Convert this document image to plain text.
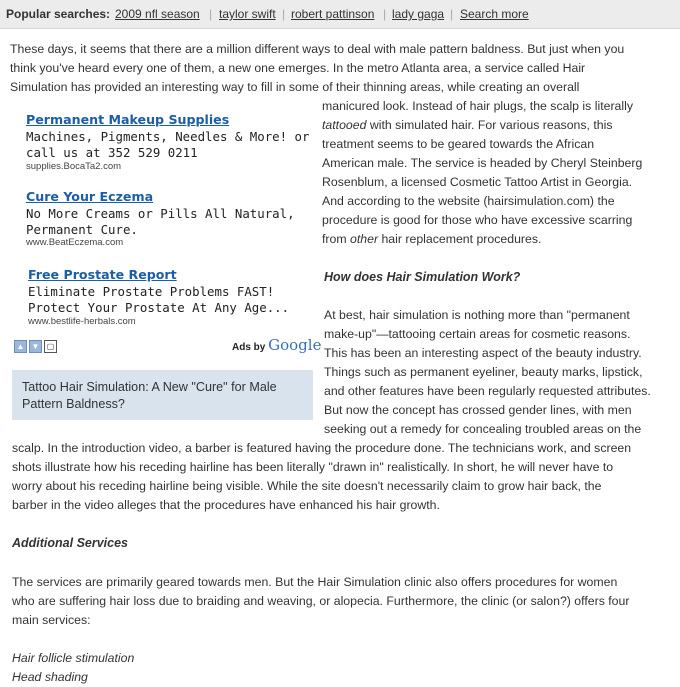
Popular searches: 2009 nfl season | taylor swift | robert pattinson | lady gaga | Search more
These days, it seems that there are a million different ways to deal with male pattern baldness. But just when you
think you've heard every one of them, a new one emerges. In the metro Atlanta area, a service called Hair
Simulation has provided an interesting way to fill in some of their thinning areas, while creating an overall
manicured look. Instead of hair plugs, the scalp is literally
tattooed with simulated hair. For various reasons, this
treatment seems to be geared towards the African
American male. The service is headed by Cheryl Steinberg
Rosenblum, a licensed Cosmetic Tattoo Artist in Georgia.
And according to the website (hairsimulation.com) the
procedure is good for those who have excessive scarring
from other hair replacement procedures.
How does Hair Simulation Work?
At best, hair simulation is nothing more than "permanent
make-up"—tattooing certain areas for cosmetic reasons.
This has been an interesting aspect of the beauty industry.
Things such as permanent eyeliner, beauty marks, lipstick,
and other features have been regularly requested attributes.
But now the concept has crossed gender lines, with men
seeking out a remedy for concealing troubled areas on the
scalp. In the introduction video, a barber is featured having the procedure done. The technicians work, and screen
shots illustrate how his receding hairline has been literally "drawn in" realistically. In short, he will never have to
worry about his receding hairline being visible. While the site doesn't necessarily claim to grow hair back, the
barber in the video alleges that the procedures have enhanced his hair growth.
Additional Services
The services are primarily geared towards men. But the Hair Simulation clinic also offers procedures for women
who are suffering hair loss due to braiding and weaving, or alopecia. Furthermore, the clinic (or salon?) offers four
main services:
Hair follicle stimulation
Head shading
Permanent Makeup Supplies
Machines, Pigments, Needles & More! or
call us at 352 529 0211
supplies.BocaTa2.com
Cure Your Eczema
No More Creams or Pills All Natural,
Permanent Cure.
www.BeatEczema.com
Free Prostate Report
Eliminate Prostate Problems FAST!
Protect Your Prostate At Any Age...
www.bestlife-herbals.com
▲ ▼ ▢	Ads by Google
Tattoo Hair Simulation: A New "Cure" for Male Pattern Baldness?
